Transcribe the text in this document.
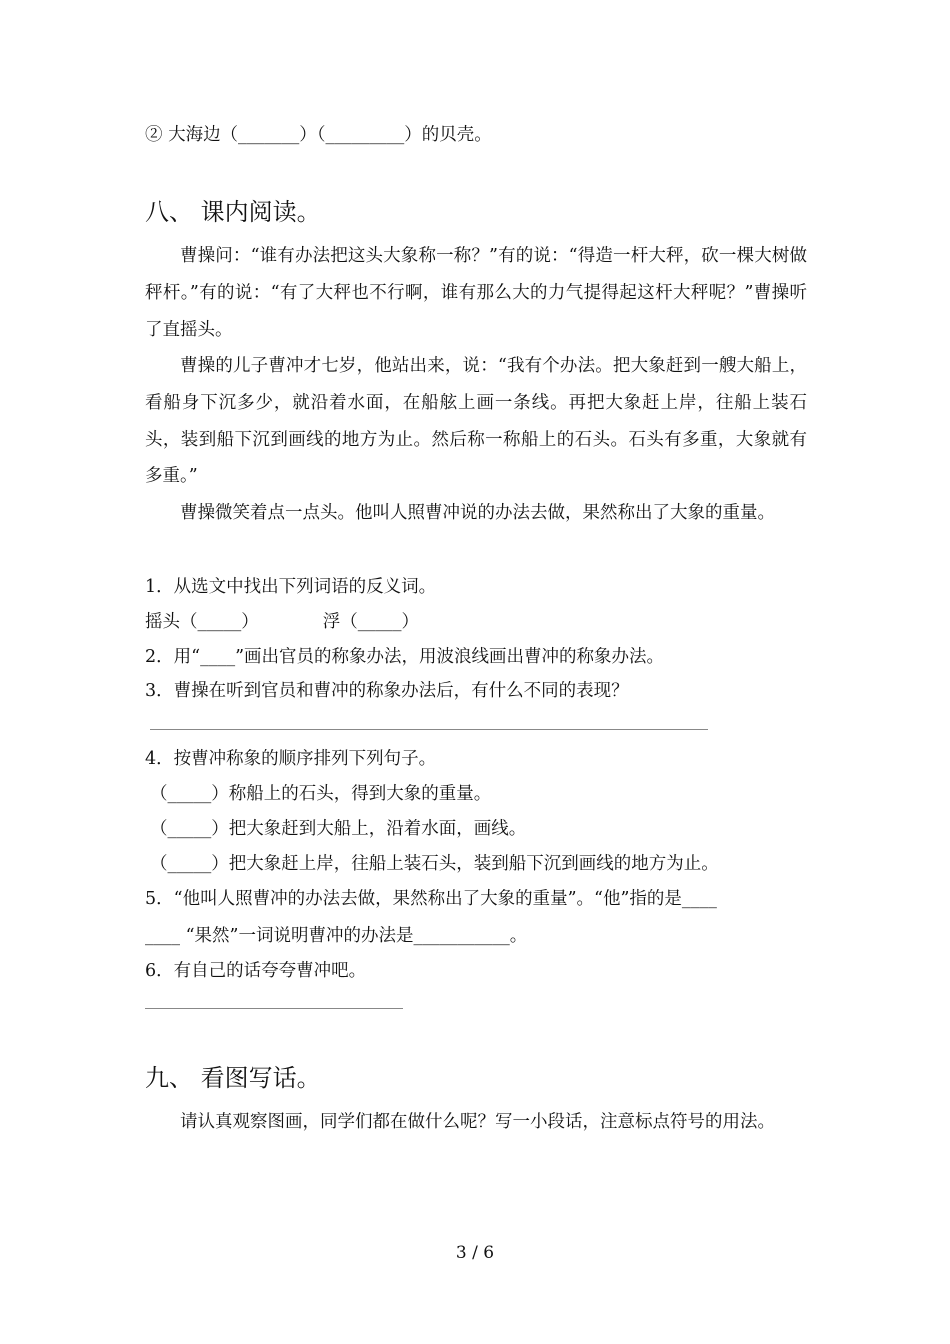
② 大海边（_______）（_________）的贝壳。
八、 课内阅读。
曹操问：“谁有办法把这头大象称一称？”有的说：“得造一杆大秤，砍一棵大树做秤杆。”有的说：“有了大秤也不行啊，谁有那么大的力气提得起这杆大秤呢？”曹操听了直摇头。
曹操的儿子曹冲才七岁，他站出来，说：“我有个办法。把大象赶到一艘大船上，看船身下沉多少，就沿着水面，在船舷上画一条线。再把大象赶上岸，往船上装石头，装到船下沉到画线的地方为止。然后称一称船上的石头。石头有多重，大象就有多重。”
曹操微笑着点一点头。他叫人照曹冲说的办法去做，果然称出了大象的重量。
1．从选文中找出下列词语的反义词。
摇头（_____）	浮（_____）
2．用“____”画出官员的称象办法，用波浪线画出曹冲的称象办法。
3．曹操在听到官员和曹冲的称象办法后，有什么不同的表现？
4．按曹冲称象的顺序排列下列句子。
（_____）称船上的石头，得到大象的重量。
（_____）把大象赶到大船上，沿着水面，画线。
（_____）把大象赶上岸，往船上装石头，装到船下沉到画线的地方为止。
5．“他叫人照曹冲的办法去做，果然称出了大象的重量”。“他”指的是____
____ “果然”一词说明曹冲的办法是___________。
6．有自己的话夸夸曹冲吧。
九、 看图写话。
请认真观察图画，同学们都在做什么呢？写一小段话，注意标点符号的用法。
3 / 6
